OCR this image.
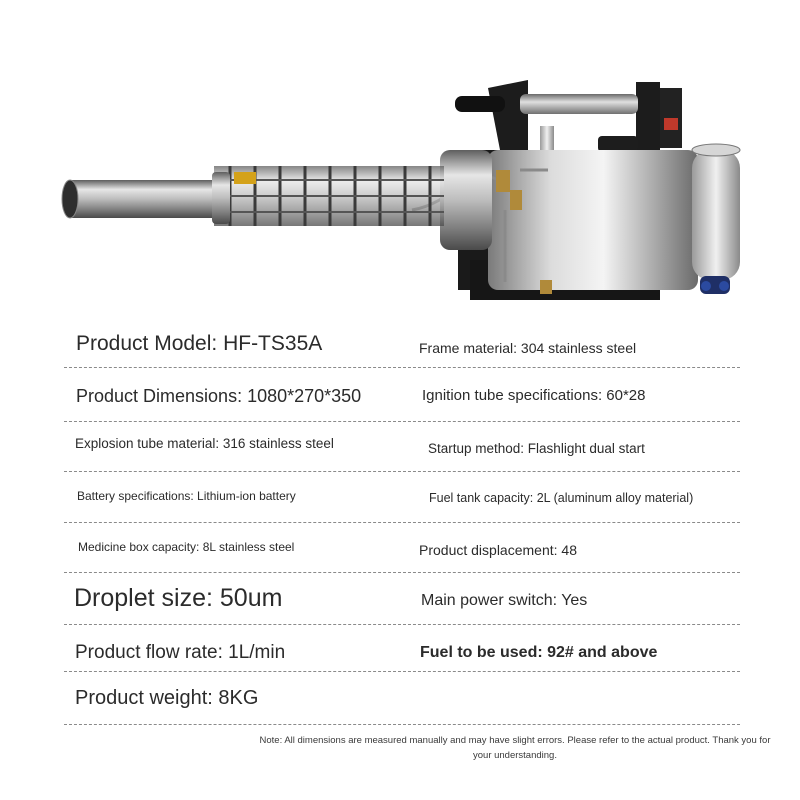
Product Model: HF-TS35A	Frame material: 304 stainless steel
Product Dimensions: 1080*270*350	Ignition tube specifications: 60*28
Explosion tube material: 316 stainless steel	Startup method: Flashlight dual start
Battery specifications: Lithium-ion battery	Fuel tank capacity: 2L (aluminum alloy material)
Medicine box capacity: 8L stainless steel	Product displacement: 48
Droplet size: 50um	Main power switch: Yes
Product flow rate: 1L/min	Fuel to be used: 92# and above
Product weight: 8KG
Note: All dimensions are measured manually and may have slight errors. Please refer to the actual product. Thank you for your understanding.
